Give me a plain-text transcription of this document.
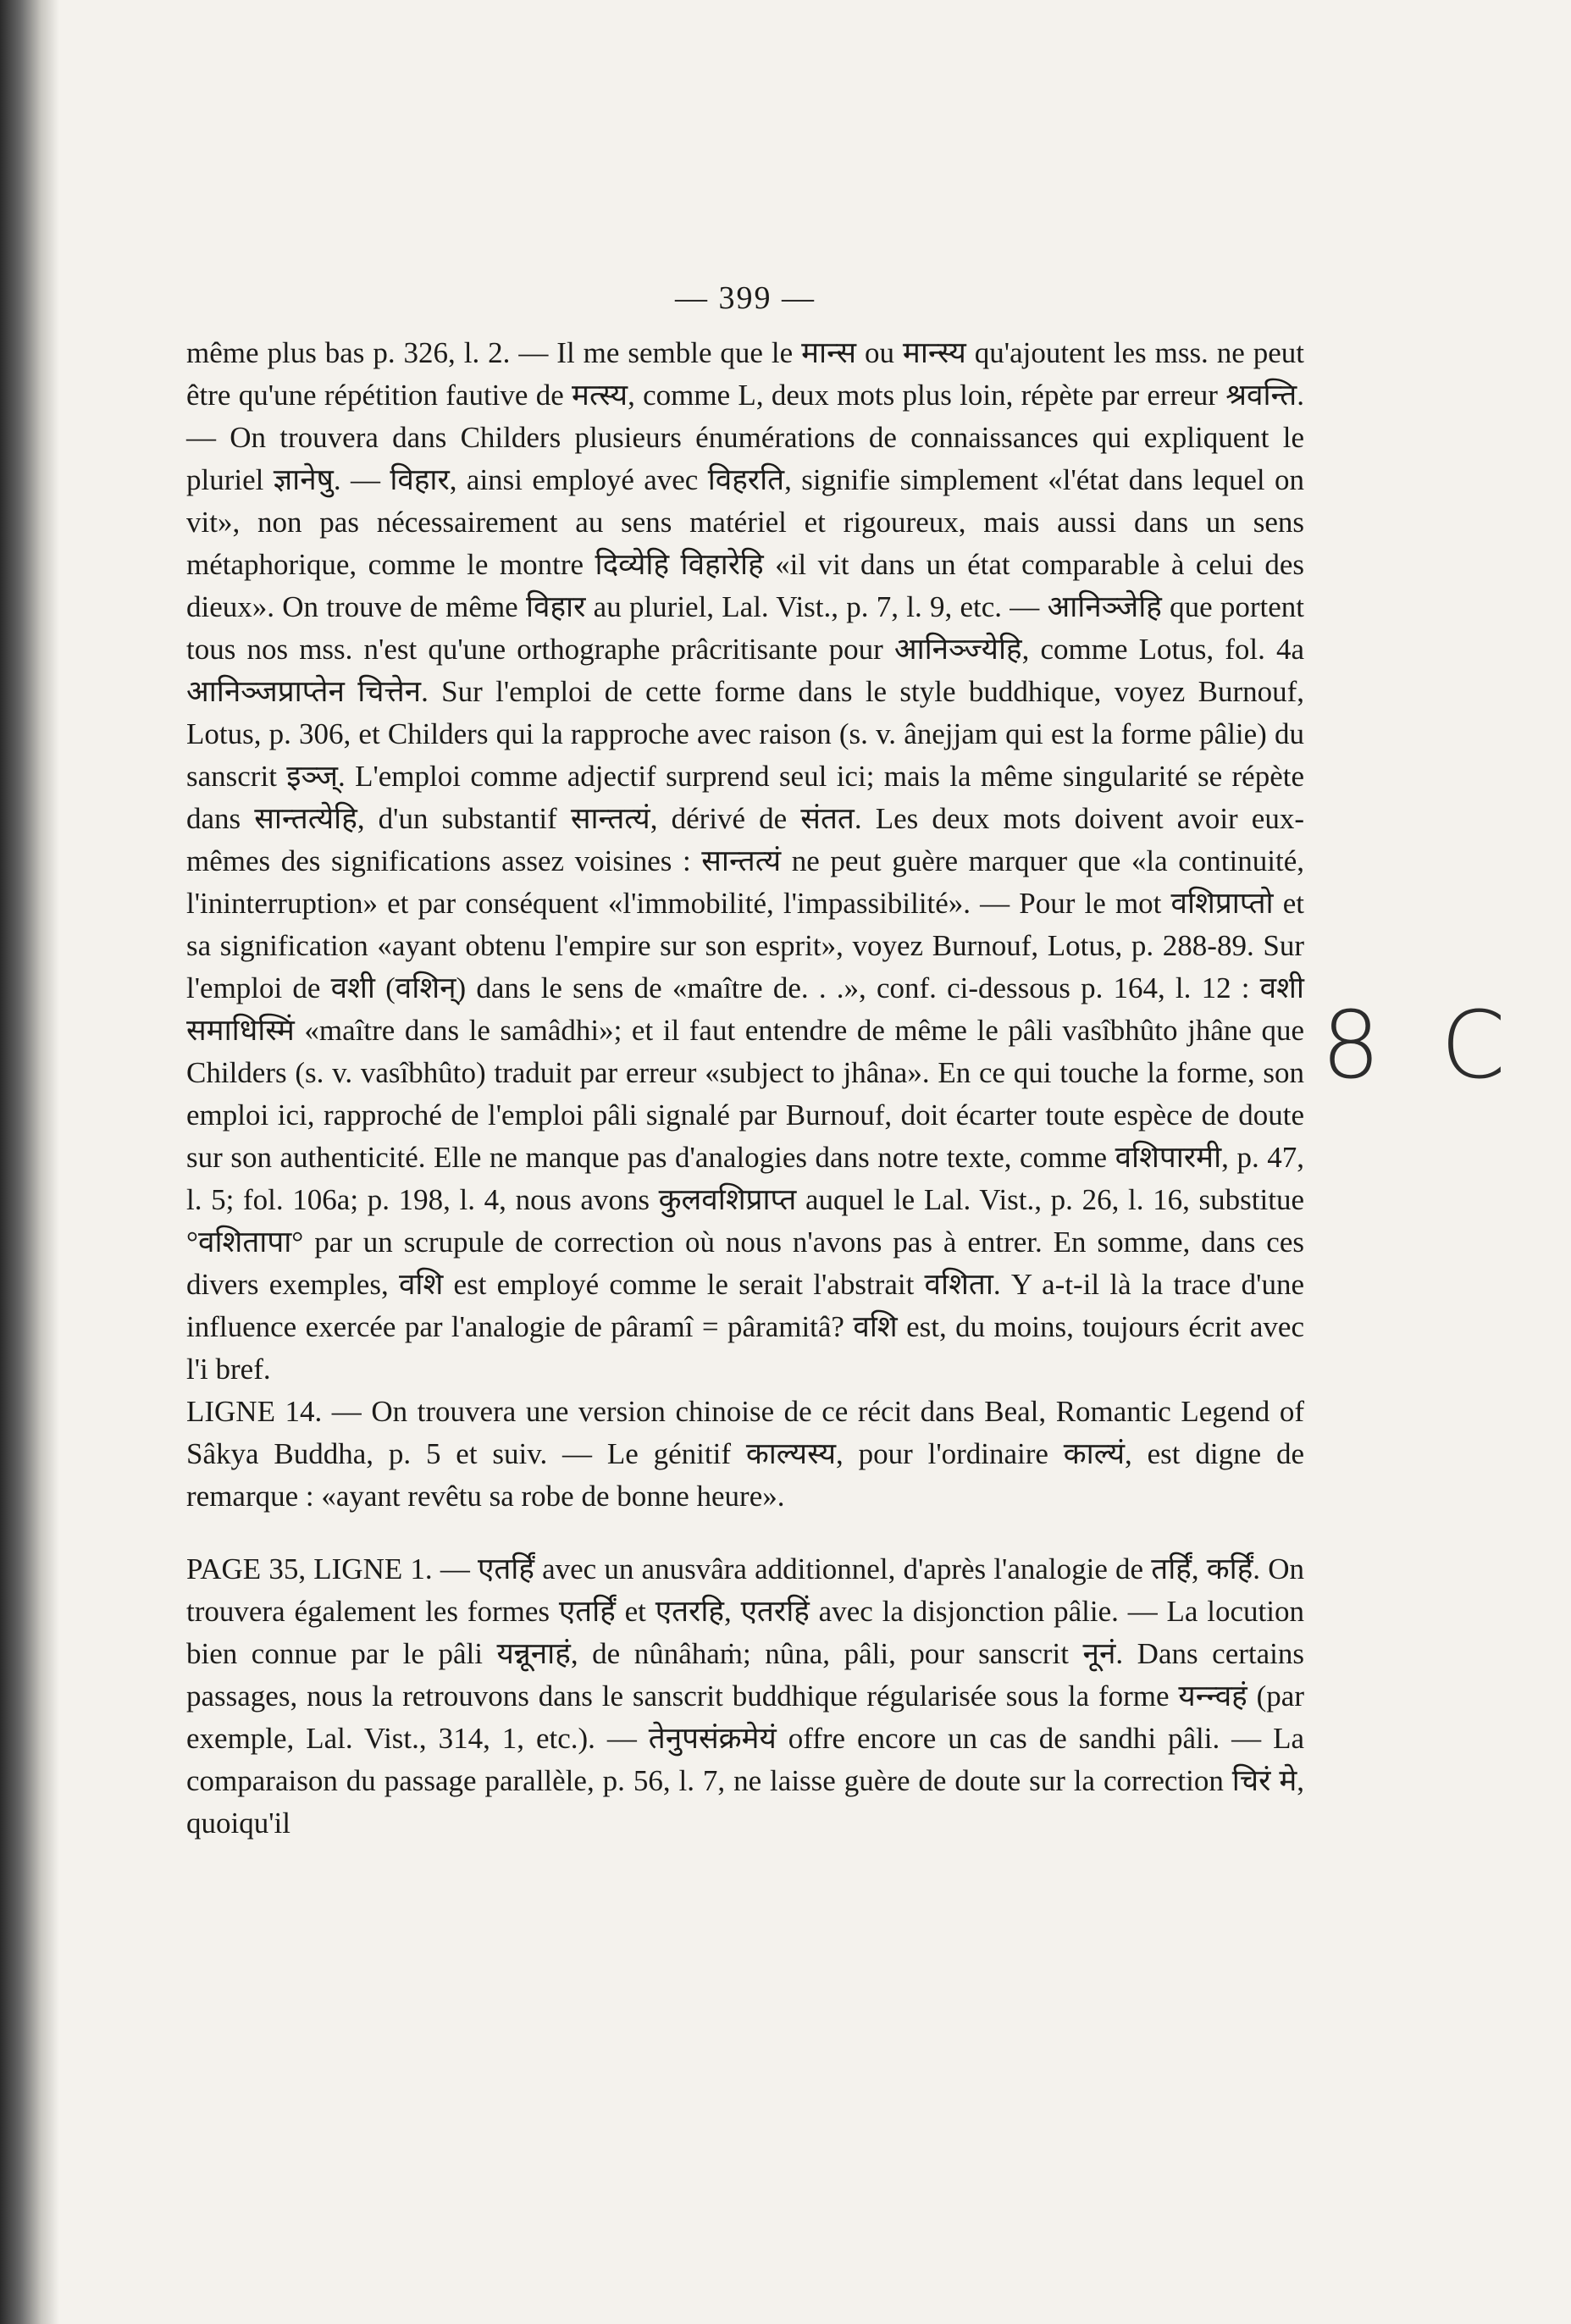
— 399 —

même plus bas p. 326, l. 2. — Il me semble que le मान्स ou मान्स्य qu'ajoutent les mss. ne peut être qu'une répétition fautive de मत्स्य, comme L, deux mots plus loin, répète par erreur श्रवन्ति. — On trouvera dans Childers plusieurs énumérations de connaissances qui expliquent le pluriel ज्ञानेषु. — विहार, ainsi employé avec विहरति, signifie simplement «l'état dans lequel on vit», non pas nécessairement au sens matériel et rigoureux, mais aussi dans un sens métaphorique, comme le montre दिव्येहि विहारेहि «il vit dans un état comparable à celui des dieux». On trouve de même विहार au pluriel, Lal. Vist., p. 7, l. 9, etc. — आनिञ्जेहि que portent tous nos mss. n'est qu'une orthographe prâcritisante pour आनिञ्ज्येहि, comme Lotus, fol. 4a आनिञ्जप्राप्तेन चित्तेन. Sur l'emploi de cette forme dans le style buddhique, voyez Burnouf, Lotus, p. 306, et Childers qui la rapproche avec raison (s. v. ânejjam qui est la forme pâlie) du sanscrit इञ्ज्. L'emploi comme adjectif surprend seul ici; mais la même singularité se répète dans सान्तत्येहि, d'un substantif सान्तत्यं, dérivé de संतत. Les deux mots doivent avoir eux-mêmes des significations assez voisines : सान्तत्यं ne peut guère marquer que «la continuité, l'ininterruption» et par conséquent «l'immobilité, l'impassibilité». — Pour le mot वशिप्राप्तो et sa signification «ayant obtenu l'empire sur son esprit», voyez Burnouf, Lotus, p. 288-89. Sur l'emploi de वशी (वशिन्) dans le sens de «maître de. . .», conf. ci-dessous p. 164, l. 12 : वशी समाधिस्मिं «maître dans le samâdhi»; et il faut entendre de même le pâli vasîbhûto jhâne que Childers (s. v. vasîbhûto) traduit par erreur «subject to jhâna». En ce qui touche la forme, son emploi ici, rapproché de l'emploi pâli signalé par Burnouf, doit écarter toute espèce de doute sur son authenticité. Elle ne manque pas d'analogies dans notre texte, comme वशिपारमी, p. 47, l. 5; fol. 106a; p. 198, l. 4, nous avons कुलवशिप्राप्त auquel le Lal. Vist., p. 26, l. 16, substitue °वशितापा° par un scrupule de correction où nous n'avons pas à entrer. En somme, dans ces divers exemples, वशि est employé comme le serait l'abstrait वशिता. Y a-t-il là la trace d'une influence exercée par l'analogie de pâramî = pâramitâ? वशि est, du moins, toujours écrit avec l'i bref.

LIGNE 14. — On trouvera une version chinoise de ce récit dans Beal, Romantic Legend of Sâkya Buddha, p. 5 et suiv. — Le génitif काल्यस्य, pour l'ordinaire काल्यं, est digne de remarque : «ayant revêtu sa robe de bonne heure».

PAGE 35, LIGNE 1. — एतर्हिं avec un anusvâra additionnel, d'après l'analogie de तर्हिं, कर्हिं. On trouvera également les formes एतर्हिं et एतरहि, एतरहिं avec la disjonction pâlie. — La locution bien connue par le pâli यन्नूनाहं, de nûnâhaṁ; nûna, pâli, pour sanscrit नूनं. Dans certains passages, nous la retrouvons dans le sanscrit buddhique régularisée sous la forme यन्न्वहं (par exemple, Lal. Vist., 314, 1, etc.). — तेनुपसंक्रमेयं offre encore un cas de sandhi pâli. — La comparaison du passage parallèle, p. 56, l. 7, ne laisse guère de doute sur la correction चिरं मे, quoiqu'il

8 C
